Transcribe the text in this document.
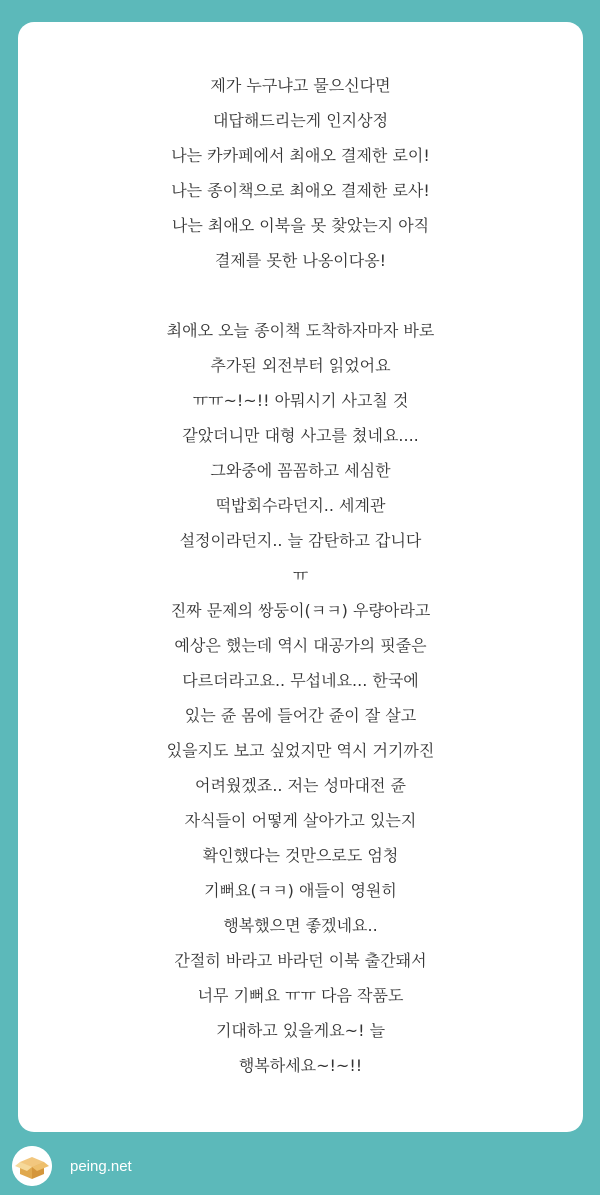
제가 누구냐고 물으신다면
대답해드리는게 인지상정
나는 카카페에서 최애오 결제한 로이!
나는 종이책으로 최애오 결제한 로사!
나는 최애오 이북을 못 찾았는지 아직
결제를 못한 나옹이다옹!
최애오 오늘 종이책 도착하자마자 바로
추가된 외전부터 읽었어요
ㅠㅠ~!~!! 아뭐시기 사고칠 것
같았더니만 대형 사고를 쳤네요....
그와중에 꼼꼼하고 세심한
떡밥회수라던지.. 세계관
설정이라던지.. 늘 감탄하고 갑니다
ㅠ
진짜 문제의 쌍둥이(ㅋㅋ) 우량아라고
예상은 했는데 역시 대공가의 핏줄은
다르더라고요.. 무섭네요... 한국에
있는 쥰 몸에 들어간 쥰이 잘 살고
있을지도 보고 싶었지만 역시 거기까진
어려웠겠죠.. 저는 성마대전 쥰
자식들이 어떻게 살아가고 있는지
확인했다는 것만으로도 엄청
기뻐요(ㅋㅋ) 애들이 영원히
행복했으면 좋겠네요..
간절히 바라고 바라던 이북 출간돼서
너무 기뻐요 ㅠㅠ 다음 작품도
기대하고 있을게요~! 늘
행복하세요~!~!!
peing.net
